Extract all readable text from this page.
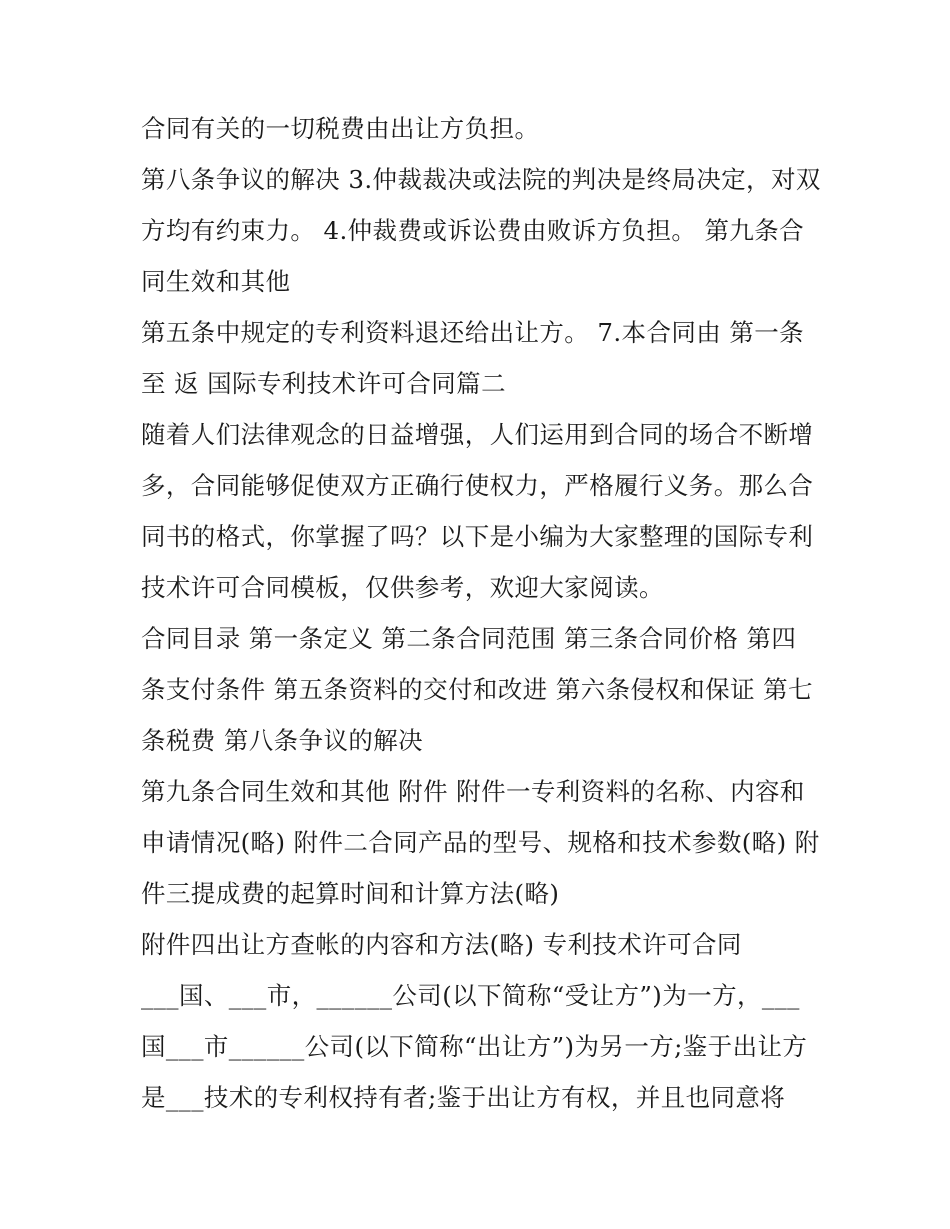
合同有关的一切税费由出让方负担。
第八条争议的解决 3.仲裁裁决或法院的判决是终局决定，对双
方均有约束力。 4.仲裁费或诉讼费由败诉方负担。 第九条合
同生效和其他
第五条中规定的专利资料退还给出让方。 7.本合同由 第一条
至 返 国际专利技术许可合同篇二
随着人们法律观念的日益增强，人们运用到合同的场合不断增
多，合同能够促使双方正确行使权力，严格履行义务。那么合
同书的格式，你掌握了吗？以下是小编为大家整理的国际专利
技术许可合同模板，仅供参考，欢迎大家阅读。
合同目录 第一条定义 第二条合同范围 第三条合同价格 第四
条支付条件 第五条资料的交付和改进 第六条侵权和保证 第七
条税费 第八条争议的解决
第九条合同生效和其他 附件 附件一专利资料的名称、内容和
申请情况(略) 附件二合同产品的型号、规格和技术参数(略) 附
件三提成费的起算时间和计算方法(略)
附件四出让方查帐的内容和方法(略) 专利技术许可合同
___国、___市，______公司(以下简称“受让方”)为一方，___
国___市______公司(以下简称“出让方”)为另一方;鉴于出让方
是___技术的专利权持有者;鉴于出让方有权，并且也同意将
